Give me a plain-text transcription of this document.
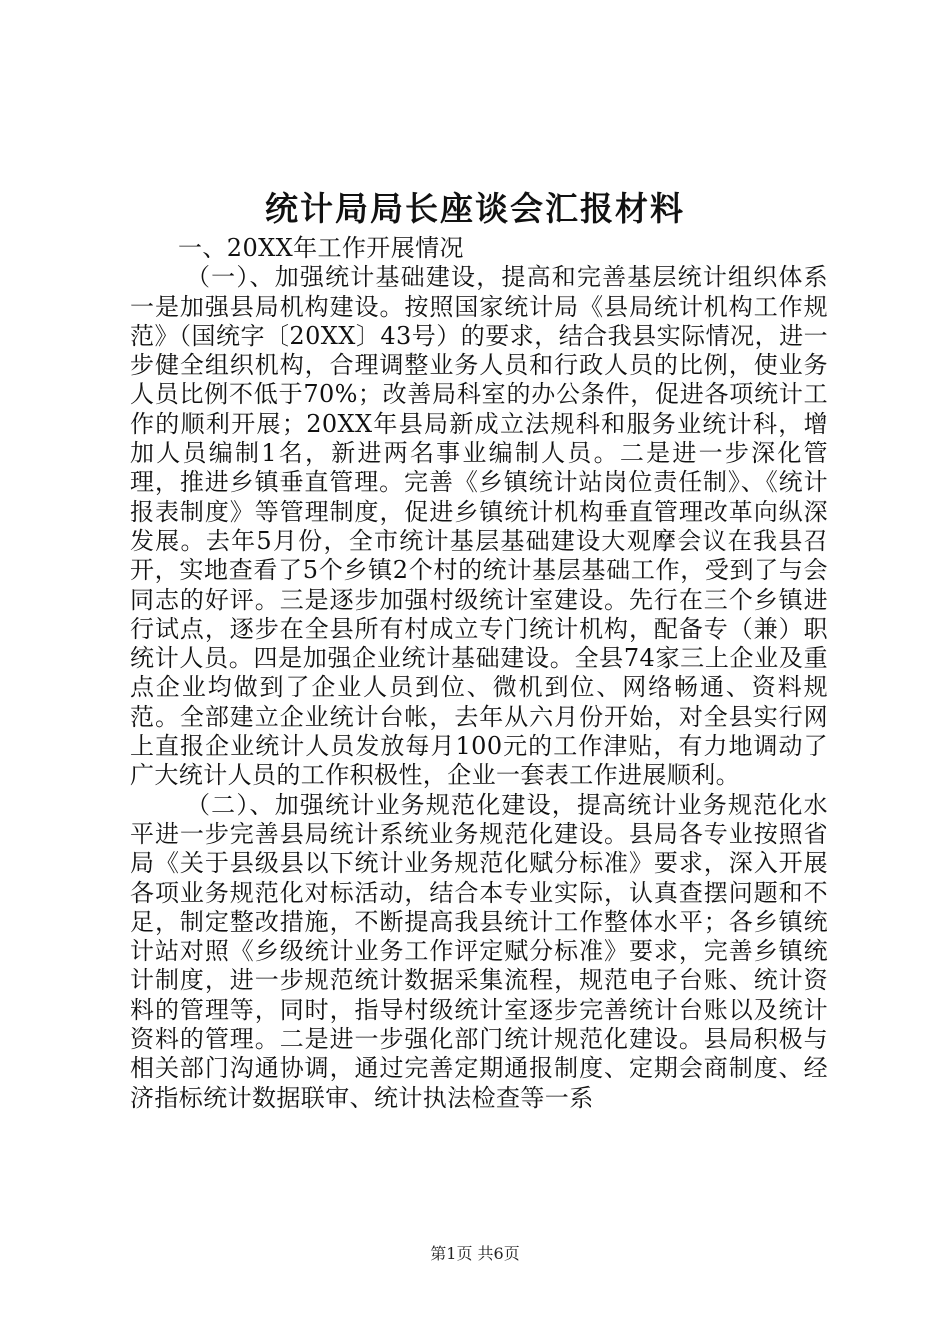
统计局局长座谈会汇报材料

一、20XX年工作开展情况

（一）、加强统计基础建设，提高和完善基层统计组织体系一是加强县局机构建设。按照国家统计局《县局统计机构工作规范》（国统字〔20XX〕43号）的要求，结合我县实际情况，进一步健全组织机构，合理调整业务人员和行政人员的比例，使业务人员比例不低于70%；改善局科室的办公条件，促进各项统计工作的顺利开展；20XX年县局新成立法规科和服务业统计科，增加人员编制1名，新进两名事业编制人员。二是进一步深化管理，推进乡镇垂直管理。完善《乡镇统计站岗位责任制》、《统计报表制度》等管理制度，促进乡镇统计机构垂直管理改革向纵深发展。去年5月份，全市统计基层基础建设大观摩会议在我县召开，实地查看了5个乡镇2个村的统计基层基础工作，受到了与会同志的好评。三是逐步加强村级统计室建设。先行在三个乡镇进行试点，逐步在全县所有村成立专门统计机构，配备专（兼）职统计人员。四是加强企业统计基础建设。全县74家三上企业及重点企业均做到了企业人员到位、微机到位、网络畅通、资料规范。全部建立企业统计台帐，去年从六月份开始，对全县实行网上直报企业统计人员发放每月100元的工作津贴，有力地调动了广大统计人员的工作积极性，企业一套表工作进展顺利。

（二）、加强统计业务规范化建设，提高统计业务规范化水平进一步完善县局统计系统业务规范化建设。县局各专业按照省局《关于县级县以下统计业务规范化赋分标准》要求，深入开展各项业务规范化对标活动，结合本专业实际，认真查摆问题和不足，制定整改措施，不断提高我县统计工作整体水平；各乡镇统计站对照《乡级统计业务工作评定赋分标准》要求，完善乡镇统计制度，进一步规范统计数据采集流程，规范电子台账、统计资料的管理等，同时，指导村级统计室逐步完善统计台账以及统计资料的管理。二是进一步强化部门统计规范化建设。县局积极与相关部门沟通协调，通过完善定期通报制度、定期会商制度、经济指标统计数据联审、统计执法检查等一系

第1页 共6页
